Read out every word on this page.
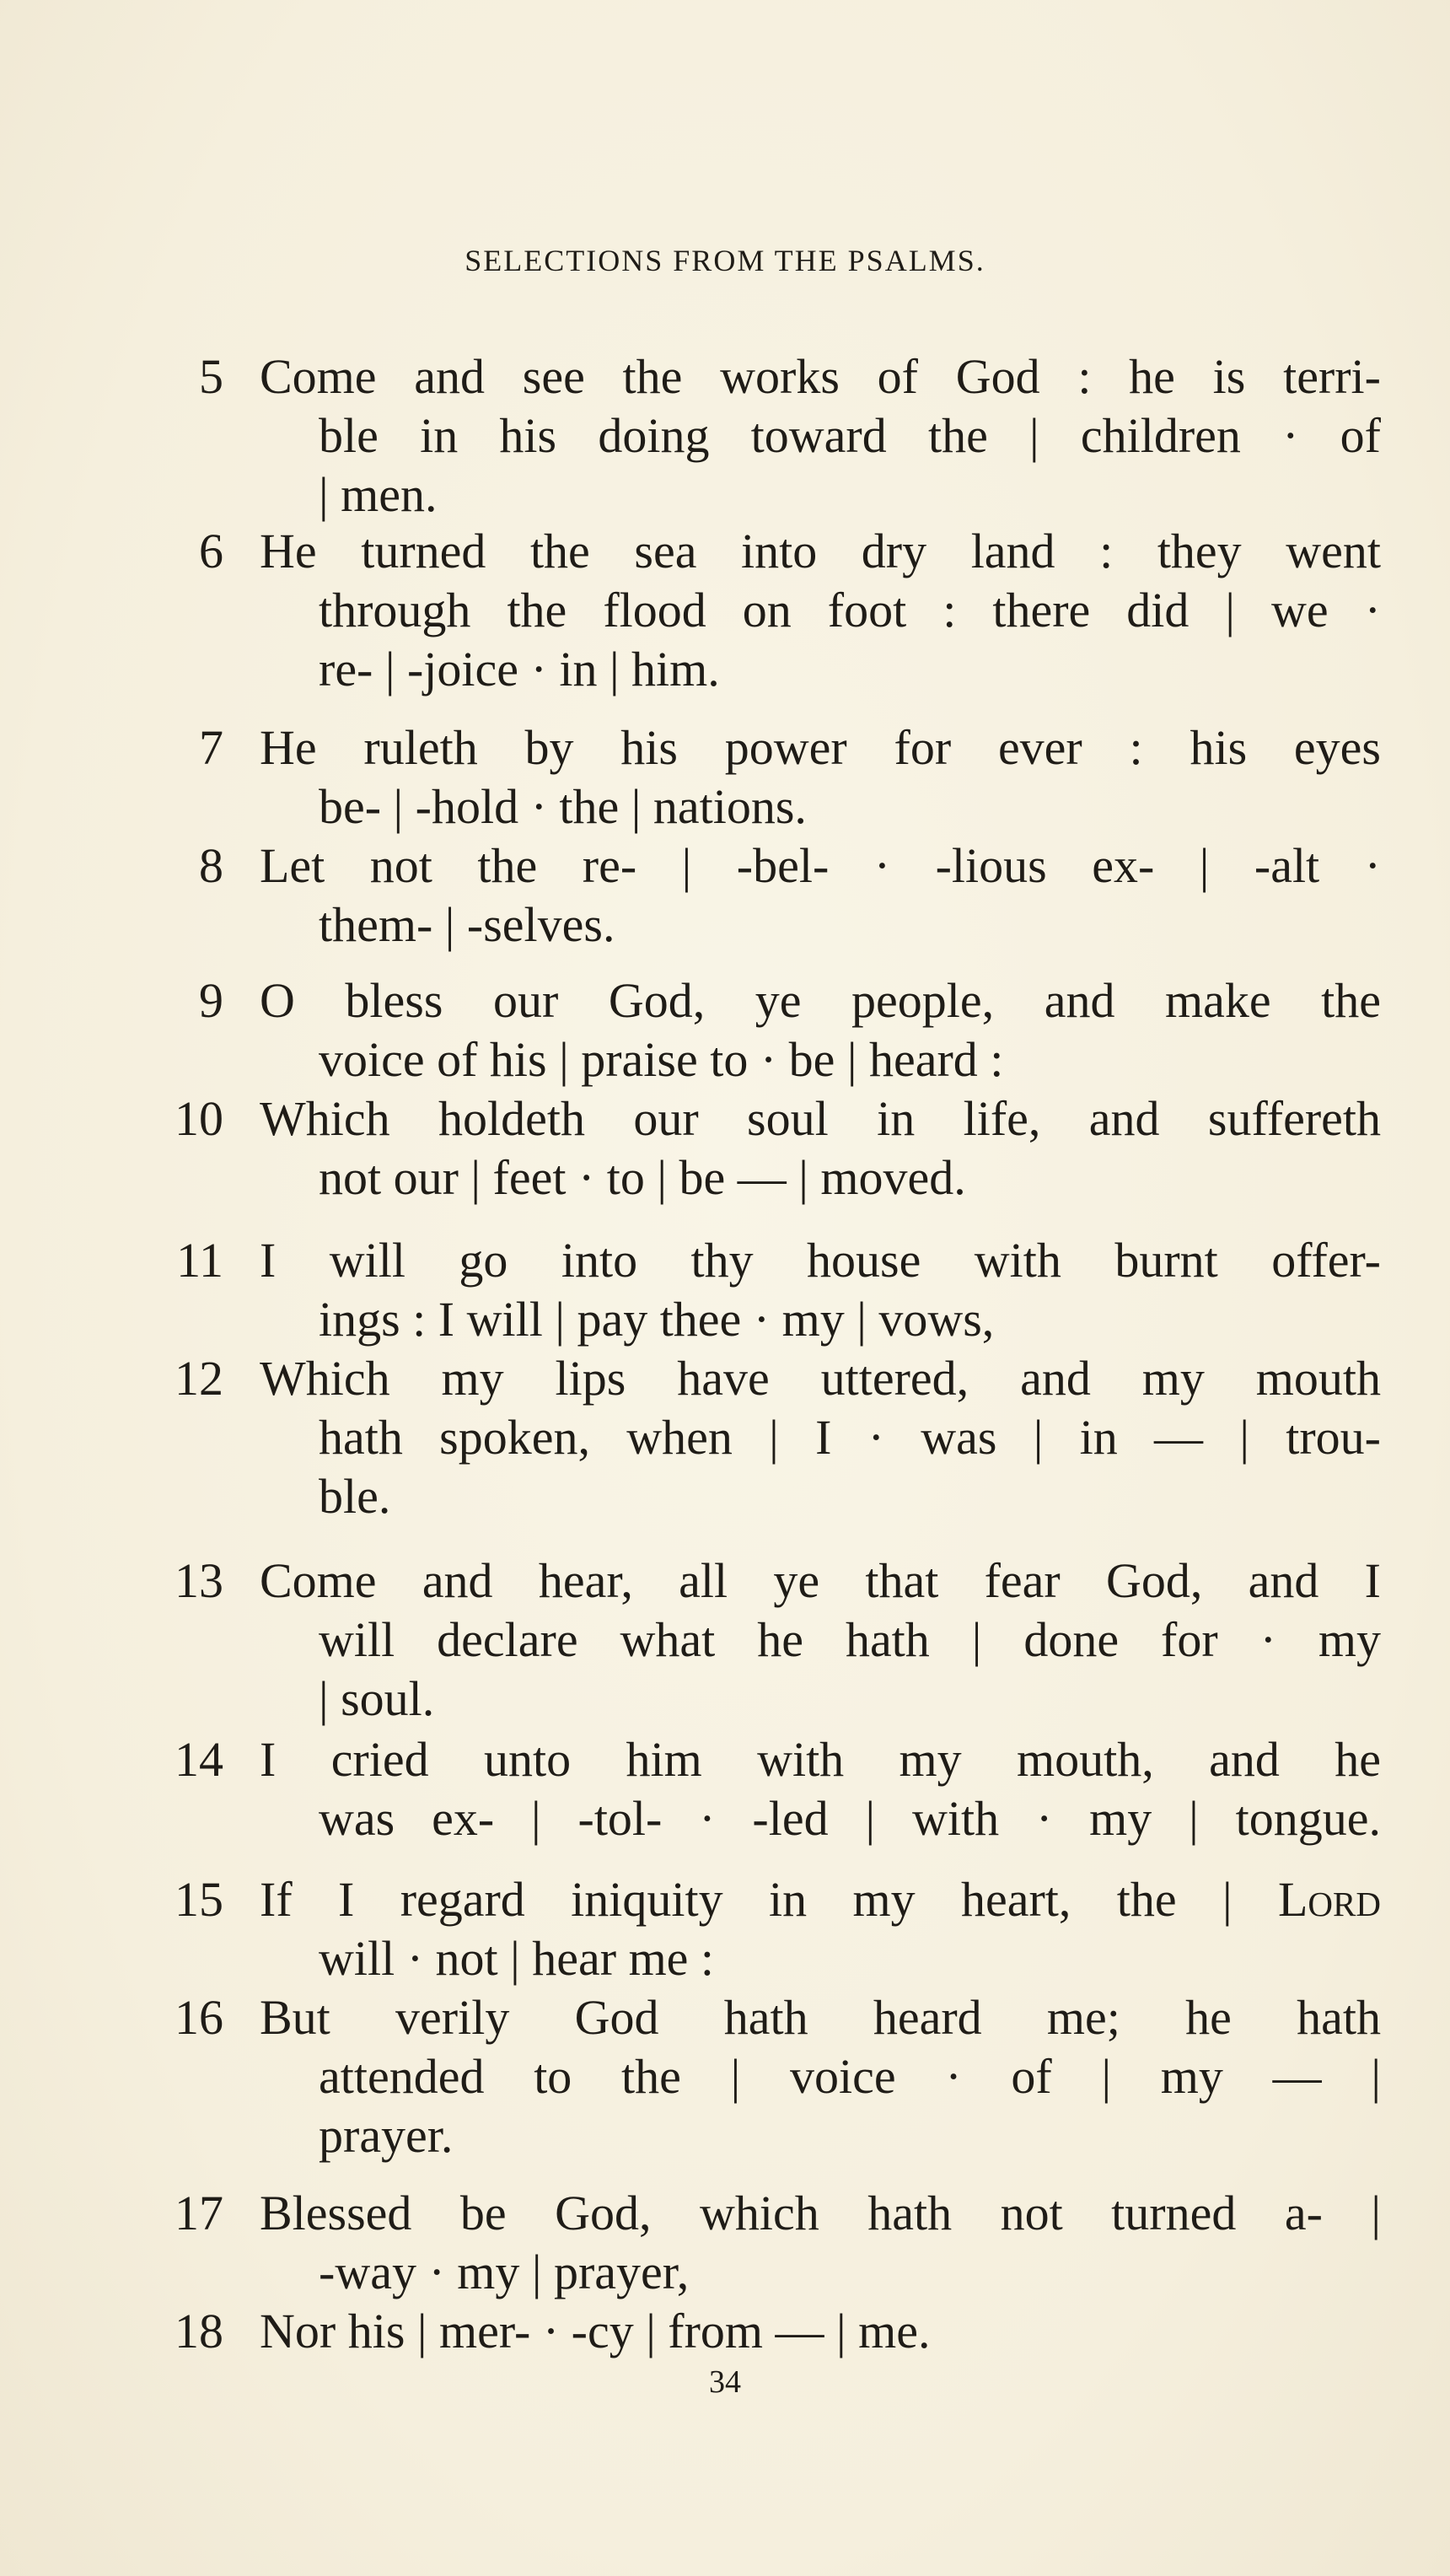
SELECTIONS FROM THE PSALMS.
5 Come and see the works of God : he is terri-
ble in his doing toward the | children · of
| men.
6 He turned the sea into dry land : they went
through the flood on foot : there did | we ·
re- | -joice · in | him.
7 He ruleth by his power for ever : his eyes
be- | -hold · the | nations.
8 Let not the re- | -bel- · -lious ex- | -alt ·
them- | -selves.
9 O bless our God, ye people, and make the
voice of his | praise to · be | heard :
10 Which holdeth our soul in life, and suffereth
not our | feet · to | be — | moved.
11 I will go into thy house with burnt offer-
ings : I will | pay thee · my | vows,
12 Which my lips have uttered, and my mouth
hath spoken, when | I · was | in — | trou-
ble.
13 Come and hear, all ye that fear God, and I
will declare what he hath | done for · my
| soul.
14 I cried unto him with my mouth, and he
was ex- | -tol- · -led | with · my | tongue.
15 If I regard iniquity in my heart, the | Lord
will · not | hear me :
16 But verily God hath heard me; he hath
attended to the | voice · of | my — |
prayer.
17 Blessed be God, which hath not turned a- |
-way · my | prayer,
18 Nor his | mer- · -cy | from — | me.
34
